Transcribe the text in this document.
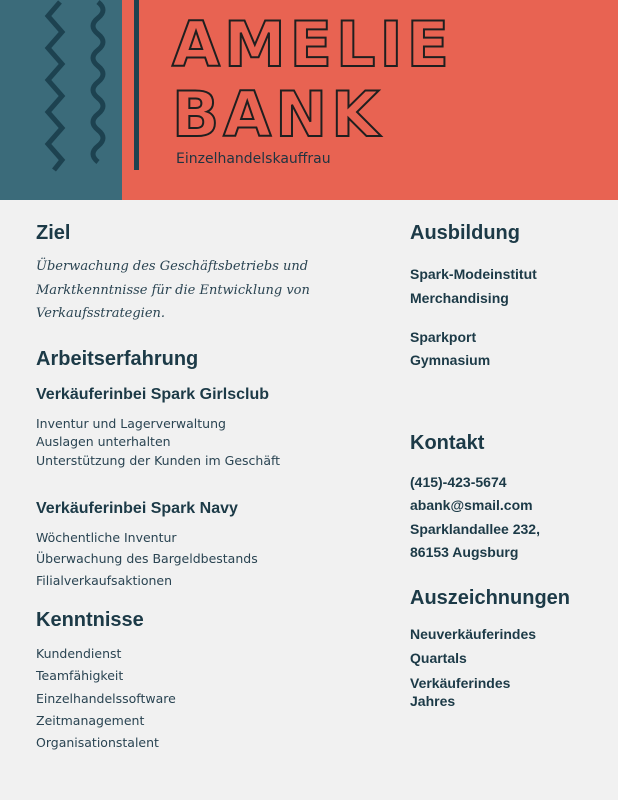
AMELIE
BANK
Einzelhandelskauffrau
Ziel
Überwachung des Geschäftsbetriebs und
Marktkenntnisse für die Entwicklung von
Verkaufsstrategien.
Arbeitserfahrung
Verkäuferinbei Spark Girlsclub
Inventur und Lagerverwaltung
Auslagen unterhalten
Unterstützung der Kunden im Geschäft
Verkäuferinbei Spark Navy
Wöchentliche Inventur
Überwachung des Bargeldbestands
Filialverkaufsaktionen
Kenntnisse
Kundendienst
Teamfähigkeit
Einzelhandelssoftware
Zeitmanagement
Organisationstalent
Ausbildung
Spark-Modeinstitut
Merchandising
Sparkport
Gymnasium
Kontakt
(415)-423-5674
abank@smail.com
Sparklandallee 232,
86153 Augsburg
Auszeichnungen
Neuverkäuferindes
Quartals
Verkäuferindes
Jahres
